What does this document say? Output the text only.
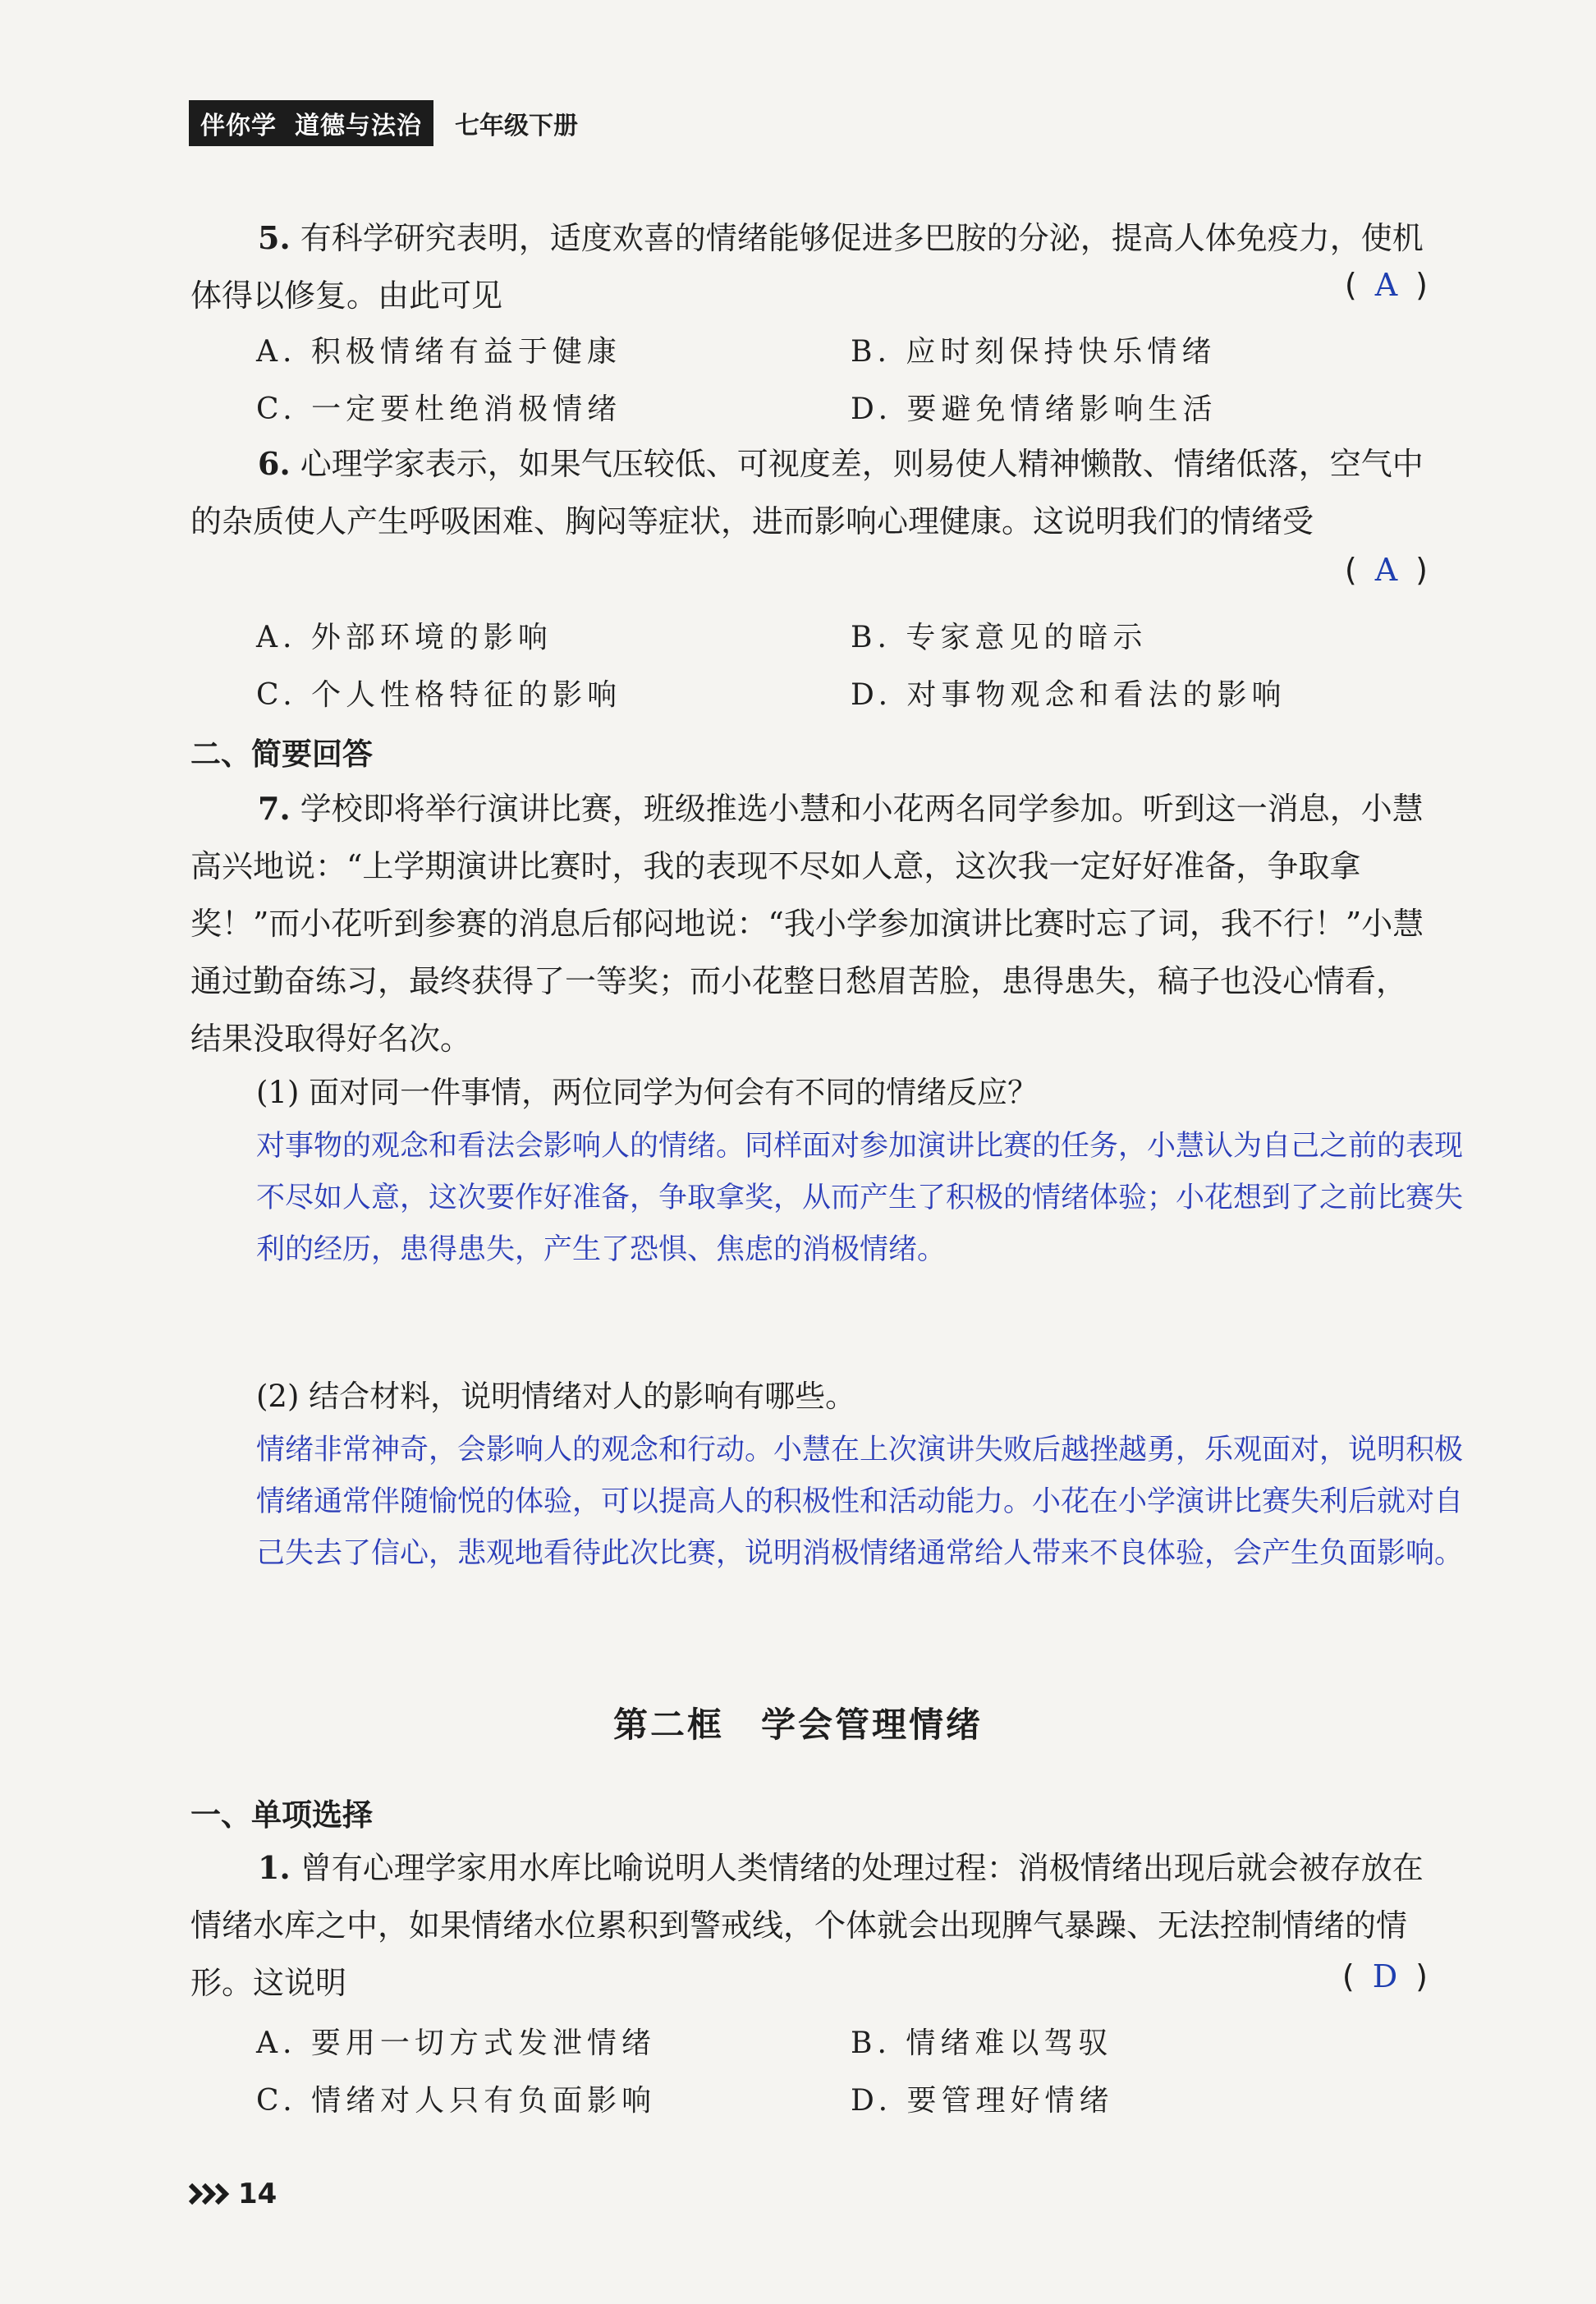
伴你学 道德与法治 七年级下册
5. 有科学研究表明，适度欢喜的情绪能够促进多巴胺的分泌，提高人体免疫力，使机体得以修复。由此可见	( A )
A. 积极情绪有益于健康	B. 应时刻保持快乐情绪
C. 一定要杜绝消极情绪	D. 要避免情绪影响生活
6. 心理学家表示，如果气压较低、可视度差，则易使人精神懒散、情绪低落，空气中的杂质使人产生呼吸困难、胸闷等症状，进而影响心理健康。这说明我们的情绪受
( A )
A. 外部环境的影响	B. 专家意见的暗示
C. 个人性格特征的影响	D. 对事物观念和看法的影响
二、简要回答
7. 学校即将举行演讲比赛，班级推选小慧和小花两名同学参加。听到这一消息，小慧高兴地说：“上学期演讲比赛时，我的表现不尽如人意，这次我一定好好准备，争取拿奖！”而小花听到参赛的消息后郁闷地说：“我小学参加演讲比赛时忘了词，我不行！”小慧通过勤奋练习，最终获得了一等奖；而小花整日愁眉苦脸，患得患失，稿子也没心情看，结果没取得好名次。
(1) 面对同一件事情，两位同学为何会有不同的情绪反应？
对事物的观念和看法会影响人的情绪。同样面对参加演讲比赛的任务，小慧认为自己之前的表现不尽如人意，这次要作好准备，争取拿奖，从而产生了积极的情绪体验；小花想到了之前比赛失利的经历，患得患失，产生了恐惧、焦虑的消极情绪。
(2) 结合材料，说明情绪对人的影响有哪些。
情绪非常神奇，会影响人的观念和行动。小慧在上次演讲失败后越挫越勇，乐观面对，说明积极情绪通常伴随愉悦的体验，可以提高人的积极性和活动能力。小花在小学演讲比赛失利后就对自己失去了信心，悲观地看待此次比赛，说明消极情绪通常给人带来不良体验，会产生负面影响。
第二框　学会管理情绪
一、单项选择
1. 曾有心理学家用水库比喻说明人类情绪的处理过程：消极情绪出现后就会被存放在情绪水库之中，如果情绪水位累积到警戒线，个体就会出现脾气暴躁、无法控制情绪的情形。这说明	( D )
A. 要用一切方式发泄情绪	B. 情绪难以驾驭
C. 情绪对人只有负面影响	D. 要管理好情绪
14
